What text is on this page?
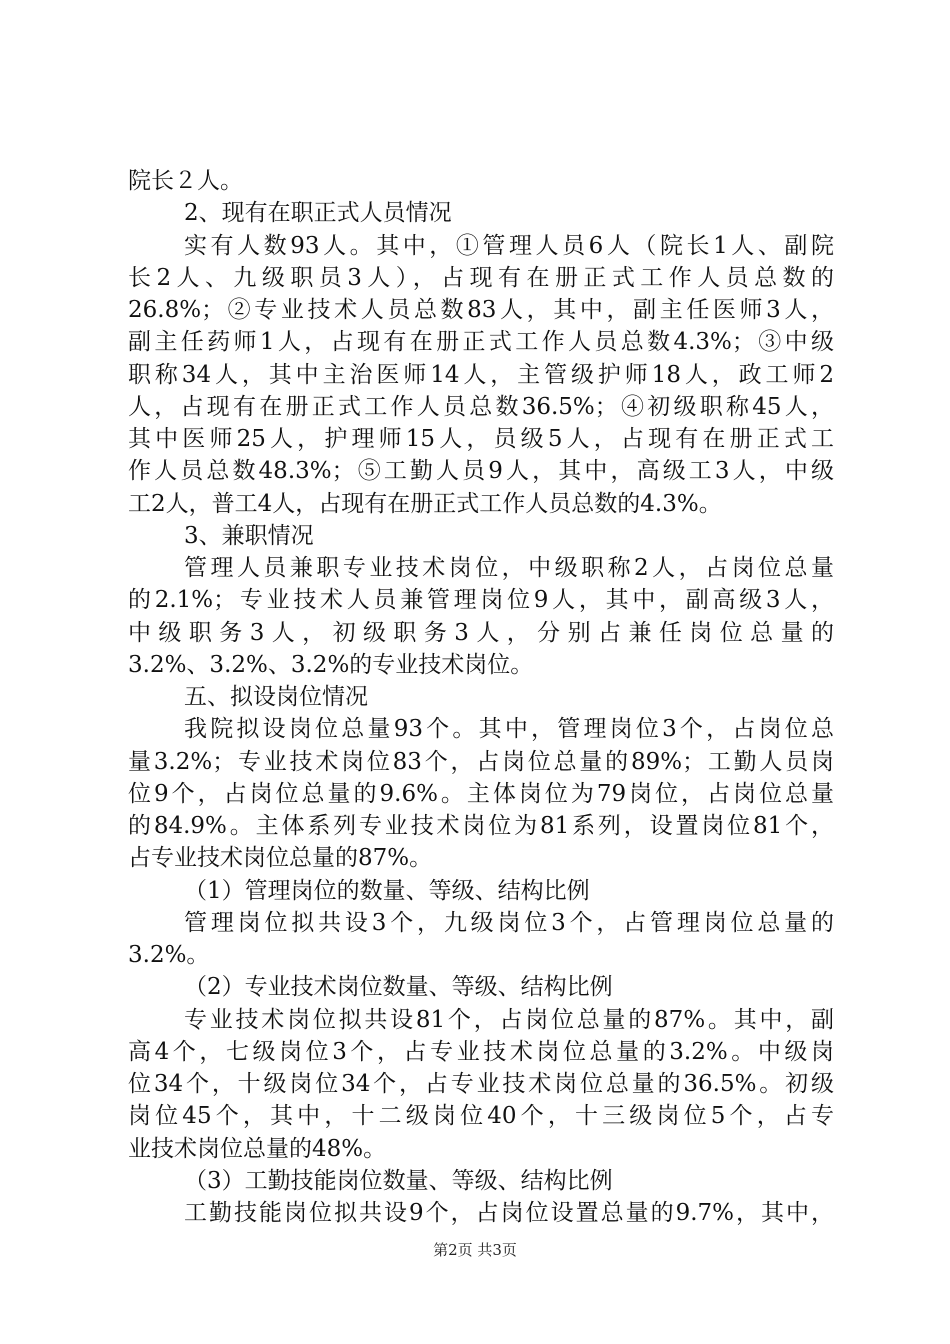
院长２人。
2、现有在职正式人员情况
实有人数93人。其中，①管理人员6人（院长1人、副院
长2人、九级职员3人），占现有在册正式工作人员总数的
26.8%；②专业技术人员总数83人，其中，副主任医师3人，
副主任药师1人，占现有在册正式工作人员总数4.3%；③中级
职称34人，其中主治医师14人，主管级护师18人，政工师2
人，占现有在册正式工作人员总数36.5%；④初级职称45人，
其中医师25人，护理师15人，员级5人，占现有在册正式工
作人员总数48.3%；⑤工勤人员9人，其中，高级工3人，中级
工2人，普工4人，占现有在册正式工作人员总数的4.3%。
3、兼职情况
管理人员兼职专业技术岗位，中级职称2人，占岗位总量
的2.1%；专业技术人员兼管理岗位9人，其中，副高级3人，
中级职务3人，初级职务3人，分别占兼任岗位总量的
3.2%、3.2%、3.2%的专业技术岗位。
五、拟设岗位情况
我院拟设岗位总量93个。其中，管理岗位3个，占岗位总
量3.2%；专业技术岗位83个，占岗位总量的89%；工勤人员岗
位9个，占岗位总量的9.6%。主体岗位为79岗位，占岗位总量
的84.9%。主体系列专业技术岗位为81系列，设置岗位81个，
占专业技术岗位总量的87%。
（1）管理岗位的数量、等级、结构比例
管理岗位拟共设3个，九级岗位3个，占管理岗位总量的
3.2%。
（2）专业技术岗位数量、等级、结构比例
专业技术岗位拟共设81个，占岗位总量的87%。其中，副
高4个，七级岗位3个，占专业技术岗位总量的3.2%。中级岗
位34个，十级岗位34个，占专业技术岗位总量的36.5%。初级
岗位45个，其中，十二级岗位40个，十三级岗位5个，占专
业技术岗位总量的48%。
（3）工勤技能岗位数量、等级、结构比例
工勤技能岗位拟共设9个，占岗位设置总量的9.7%，其中，
第2页 共3页
